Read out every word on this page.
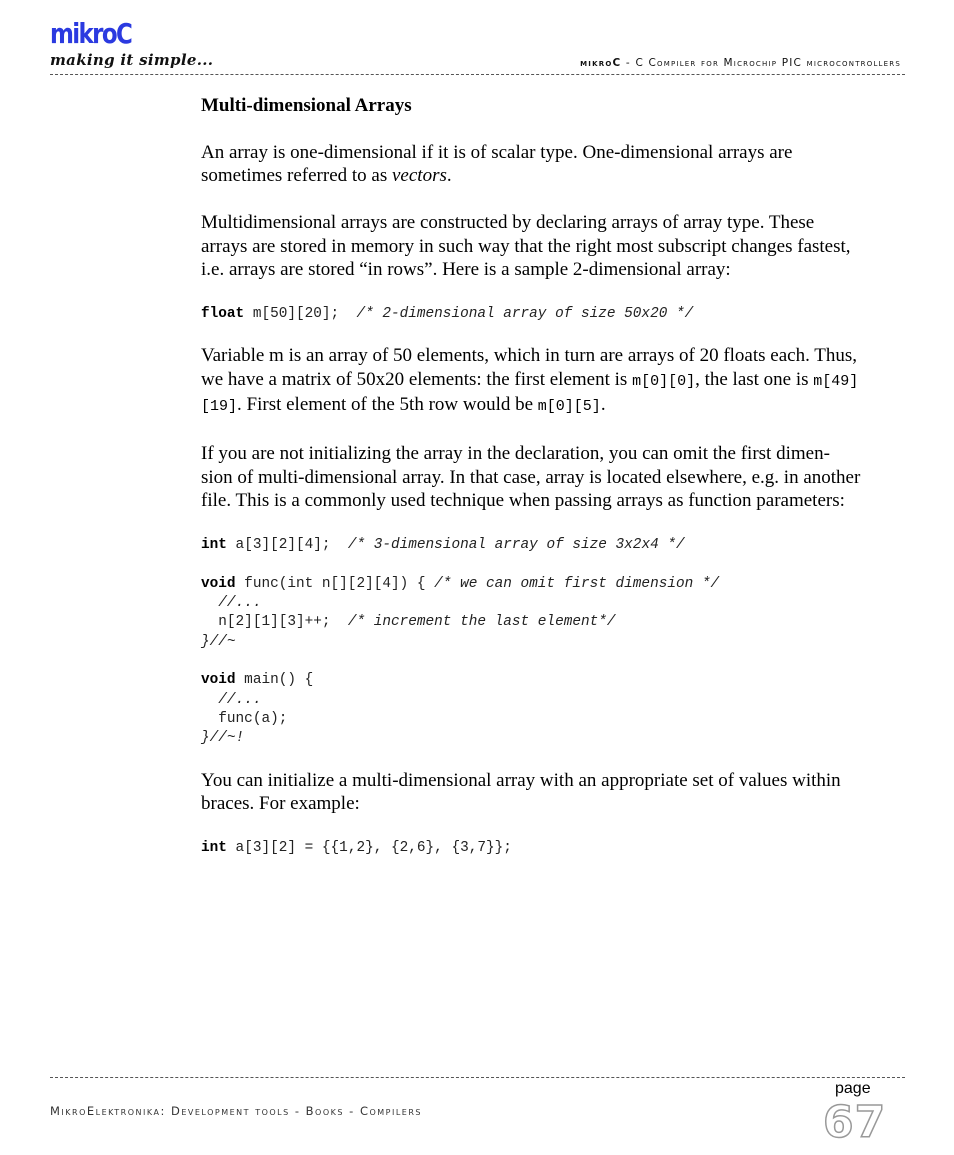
mikroC
making it simple...	mikroC - C Compiler for Microchip PIC microcontrollers
Multi-dimensional Arrays

An array is one-dimensional if it is of scalar type. One-dimensional arrays are sometimes referred to as vectors.

Multidimensional arrays are constructed by declaring arrays of array type. These arrays are stored in memory in such way that the right most subscript changes fastest, i.e. arrays are stored “in rows”. Here is a sample 2-dimensional array:

float m[50][20];  /* 2-dimensional array of size 50x20 */

Variable m is an array of 50 elements, which in turn are arrays of 20 floats each. Thus, we have a matrix of 50x20 elements: the first element is m[0][0], the last one is m[49][19]. First element of the 5th row would be m[0][5].

If you are not initializing the array in the declaration, you can omit the first dimen-sion of multi-dimensional array. In that case, array is located elsewhere, e.g. in another file. This is a commonly used technique when passing arrays as function parameters:

int a[3][2][4];  /* 3-dimensional array of size 3x2x4 */

void func(int n[][2][4]) { /* we can omit first dimension */
//...
n[2][1][3]++;  /* increment the last element*/
}//~

void main() {
//...
func(a);
}//~!

You can initialize a multi-dimensional array with an appropriate set of values within braces. For example:

int a[3][2] = {{1,2}, {2,6}, {3,7}};
page
MikroElektronika: Development tools - Books - Compilers	67
